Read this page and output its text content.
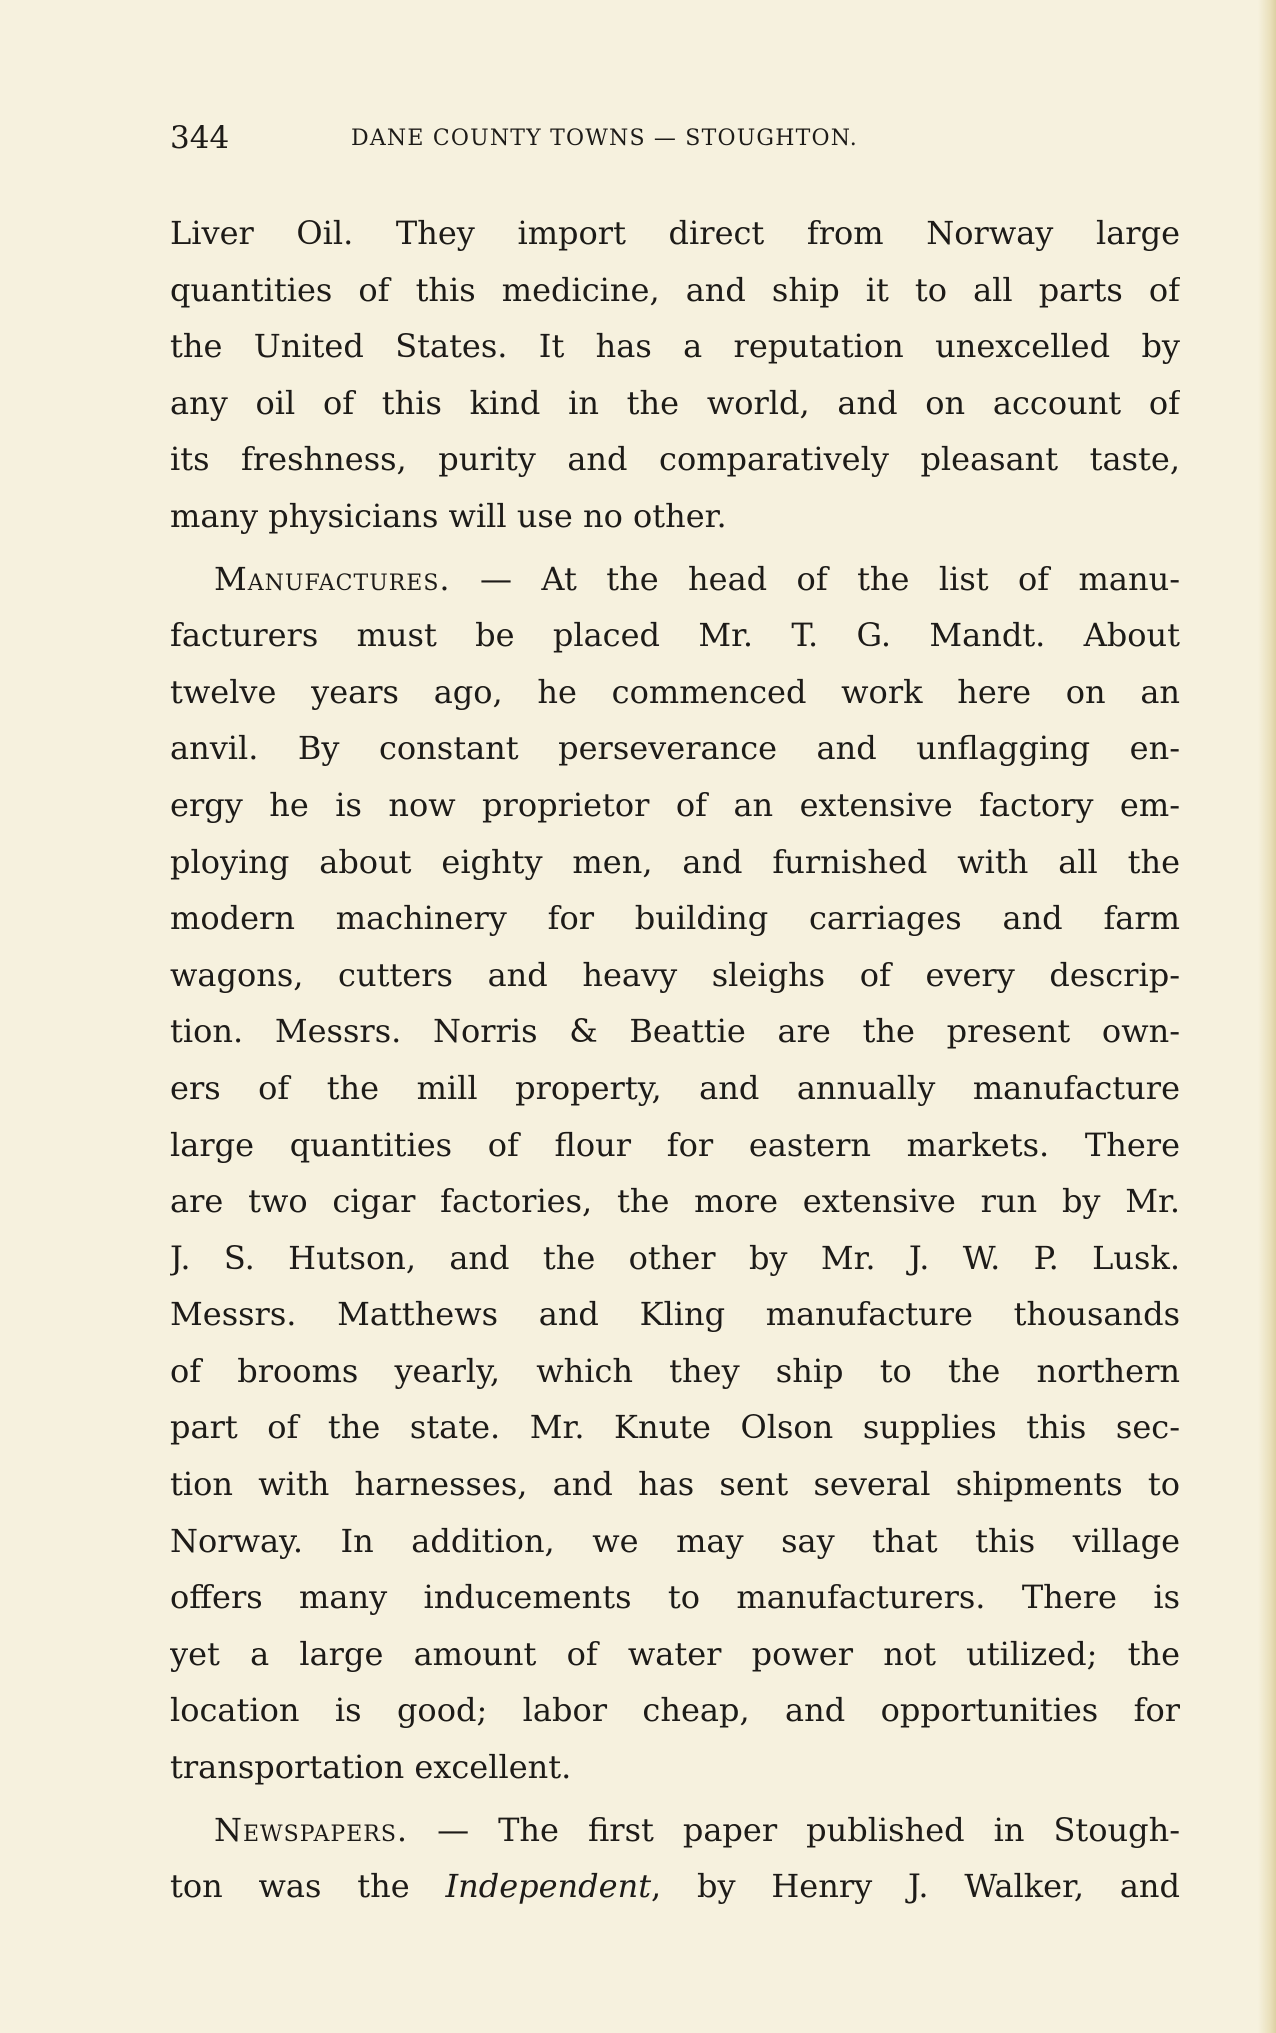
344	DANE COUNTY TOWNS — STOUGHTON.
Liver Oil. They import direct from Norway large
quantities of this medicine, and ship it to all parts of
the United States. It has a reputation unexcelled by
any oil of this kind in the world, and on account of
its freshness, purity and comparatively pleasant taste,
many physicians will use no other.
Manufactures. — At the head of the list of manu-
facturers must be placed Mr. T. G. Mandt. About
twelve years ago, he commenced work here on an
anvil. By constant perseverance and unflagging en-
ergy he is now proprietor of an extensive factory em-
ploying about eighty men, and furnished with all the
modern machinery for building carriages and farm
wagons, cutters and heavy sleighs of every descrip-
tion. Messrs. Norris & Beattie are the present own-
ers of the mill property, and annually manufacture
large quantities of flour for eastern markets. There
are two cigar factories, the more extensive run by Mr.
J. S. Hutson, and the other by Mr. J. W. P. Lusk.
Messrs. Matthews and Kling manufacture thousands
of brooms yearly, which they ship to the northern
part of the state. Mr. Knute Olson supplies this sec-
tion with harnesses, and has sent several shipments to
Norway. In addition, we may say that this village
offers many inducements to manufacturers. There is
yet a large amount of water power not utilized; the
location is good; labor cheap, and opportunities for
transportation excellent.
Newspapers. — The first paper published in Stough-
ton was the Independent, by Henry J. Walker, and
